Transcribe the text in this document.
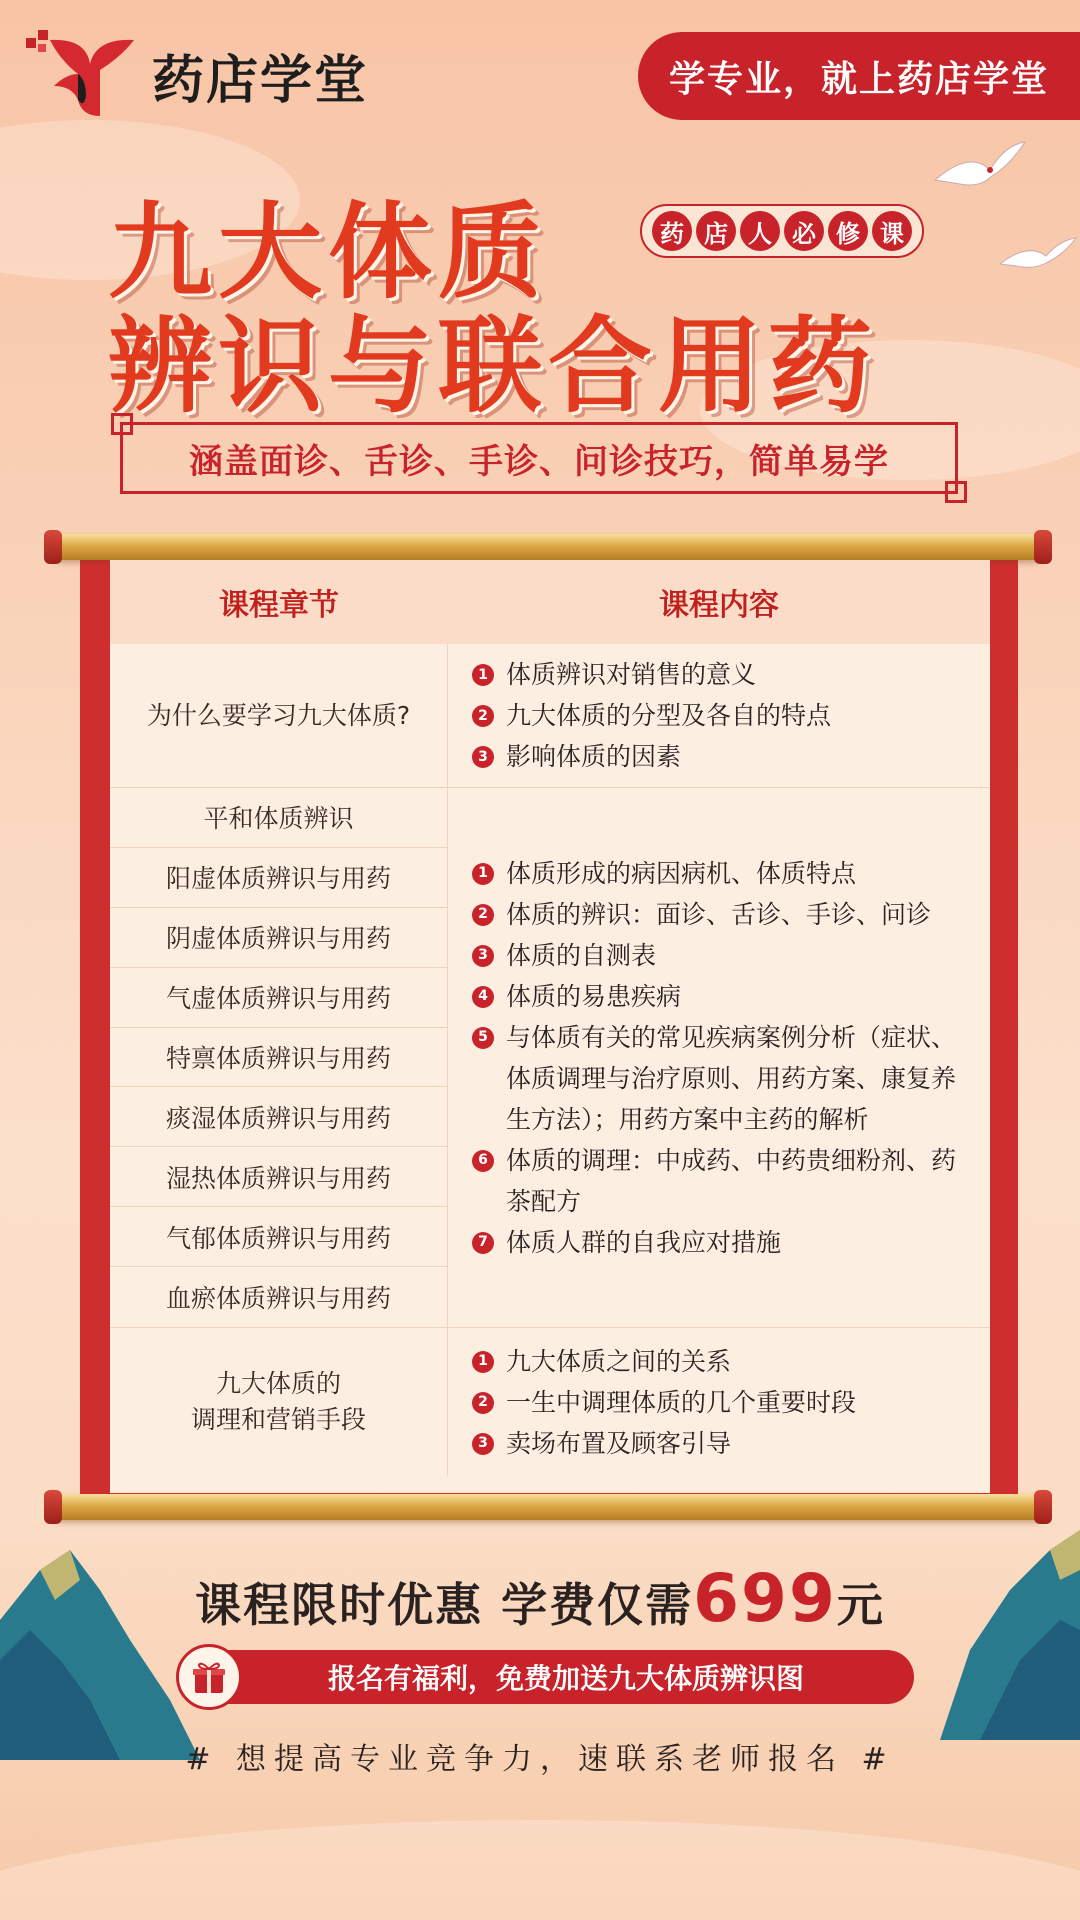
药店学堂	学专业，就上药店学堂
九大体质
辨识与联合用药
药 店 人 必 修 课
涵盖面诊、舌诊、手诊、问诊技巧，简单易学
课程章节	课程内容
为什么要学习九大体质?
1 体质辨识对销售的意义
2 九大体质的分型及各自的特点
3 影响体质的因素
平和体质辨识
阳虚体质辨识与用药
阴虚体质辨识与用药
气虚体质辨识与用药
特禀体质辨识与用药
痰湿体质辨识与用药
湿热体质辨识与用药
气郁体质辨识与用药
血瘀体质辨识与用药
1 体质形成的病因病机、体质特点
2 体质的辨识：面诊、舌诊、手诊、问诊
3 体质的自测表
4 体质的易患疾病
5 与体质有关的常见疾病案例分析（症状、体质调理与治疗原则、用药方案、康复养生方法）；用药方案中主药的解析
6 体质的调理：中成药、中药贵细粉剂、药茶配方
7 体质人群的自我应对措施
九大体质的
调理和营销手段
1 九大体质之间的关系
2 一生中调理体质的几个重要时段
3 卖场布置及顾客引导
课程限时优惠 学费仅需699元
报名有福利，免费加送九大体质辨识图
# 想提高专业竞争力，速联系老师报名 #
